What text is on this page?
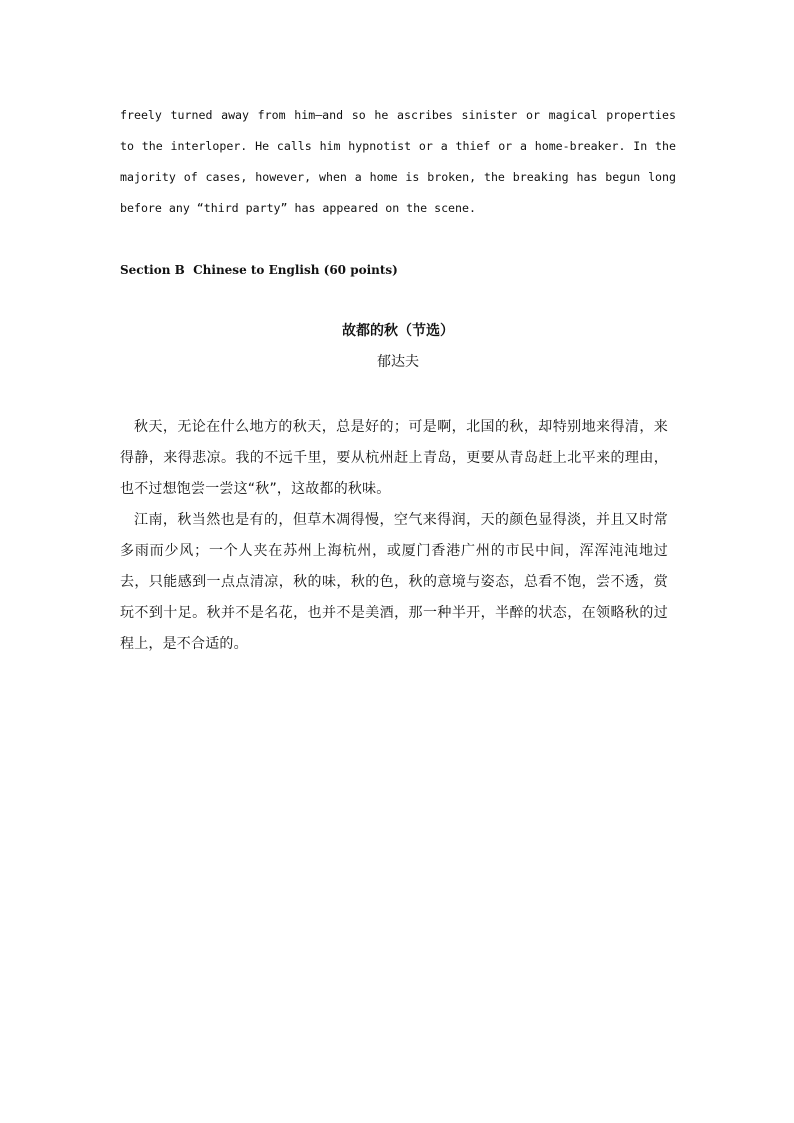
freely turned away from him—and so he ascribes sinister or magical properties to the interloper. He calls him hypnotist or a thief or a home-breaker. In the majority of cases, however, when a home is broken, the breaking has begun long before any “third party” has appeared on the scene.

Section B  Chinese to English (60 points)

故都的秋（节选）

郁达夫

秋天，无论在什么地方的秋天，总是好的；可是啊，北国的秋，却特别地来得清，来得静，来得悲凉。我的不远千里，要从杭州赶上青岛，更要从青岛赶上北平来的理由，也不过想饱尝一尝这“秋”，这故都的秋味。

江南，秋当然也是有的，但草木凋得慢，空气来得润，天的颜色显得淡，并且又时常多雨而少风；一个人夹在苏州上海杭州，或厦门香港广州的市民中间，浑浑沌沌地过去，只能感到一点点清凉，秋的味，秋的色，秋的意境与姿态，总看不饱，尝不透，赏玩不到十足。秋并不是名花，也并不是美酒，那一种半开，半醉的状态，在领略秋的过程上，是不合适的。
